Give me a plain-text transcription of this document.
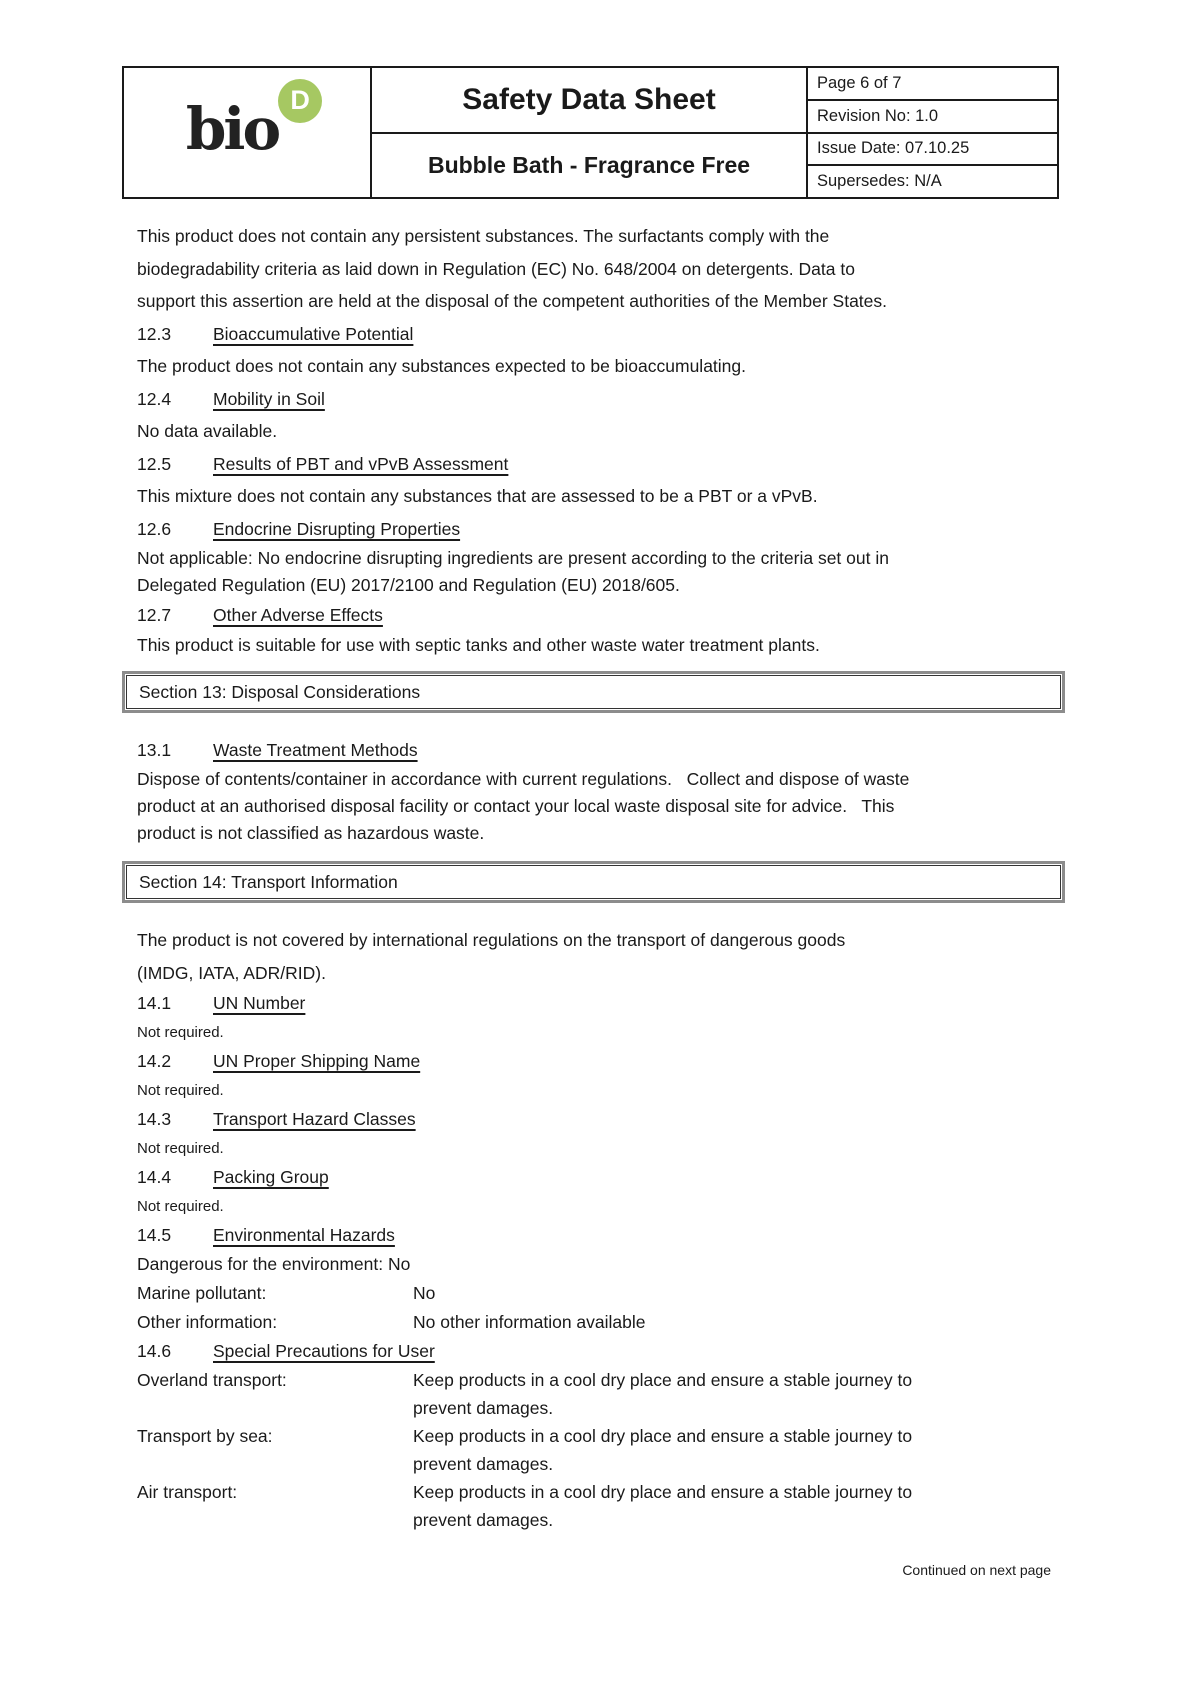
bio D	Safety Data Sheet
Bubble Bath - Fragrance Free
Page 6 of 7
Revision No: 1.0
Issue Date: 07.10.25
Supersedes: N/A
This product does not contain any persistent substances. The surfactants comply with the
biodegradability criteria as laid down in Regulation (EC) No. 648/2004 on detergents. Data to
support this assertion are held at the disposal of the competent authorities of the Member States.
12.3	Bioaccumulative Potential
The product does not contain any substances expected to be bioaccumulating.
12.4	Mobility in Soil
No data available.
12.5	Results of PBT and vPvB Assessment
This mixture does not contain any substances that are assessed to be a PBT or a vPvB.
12.6	Endocrine Disrupting Properties
Not applicable: No endocrine disrupting ingredients are present according to the criteria set out in
Delegated Regulation (EU) 2017/2100 and Regulation (EU) 2018/605.
12.7	Other Adverse Effects
This product is suitable for use with septic tanks and other waste water treatment plants.
Section 13: Disposal Considerations
13.1	Waste Treatment Methods
Dispose of contents/container in accordance with current regulations.   Collect and dispose of waste
product at an authorised disposal facility or contact your local waste disposal site for advice.   This
product is not classified as hazardous waste.
Section 14: Transport Information
The product is not covered by international regulations on the transport of dangerous goods
(IMDG, IATA, ADR/RID).
14.1	UN Number
Not required.
14.2	UN Proper Shipping Name
Not required.
14.3	Transport Hazard Classes
Not required.
14.4	Packing Group
Not required.
14.5	Environmental Hazards
Dangerous for the environment: No
Marine pollutant:	No
Other information:	No other information available
14.6	Special Precautions for User
Overland transport:	Keep products in a cool dry place and ensure a stable journey to
prevent damages.
Transport by sea:	Keep products in a cool dry place and ensure a stable journey to
prevent damages.
Air transport:	Keep products in a cool dry place and ensure a stable journey to
prevent damages.
Continued on next page
